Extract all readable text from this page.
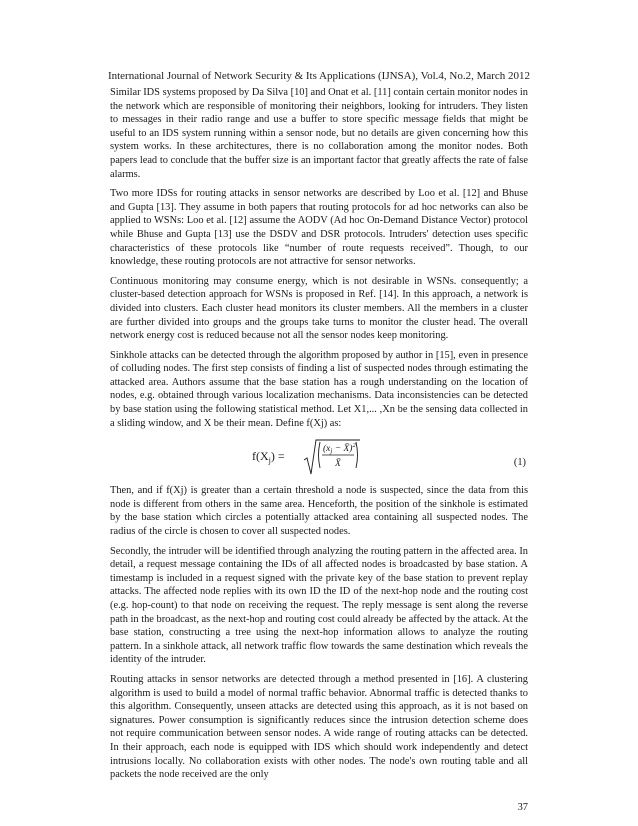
International Journal of Network Security & Its Applications (IJNSA), Vol.4, No.2, March 2012

Similar IDS systems proposed by Da Silva [10] and Onat et al. [11] contain certain monitor nodes in the network which are responsible of monitoring their neighbors, looking for intruders. They listen to messages in their radio range and use a buffer to store specific message fields that might be useful to an IDS system running within a sensor node, but no details are given concerning how this system works. In these architectures, there is no collaboration among the monitor nodes. Both papers lead to conclude that the buffer size is an important factor that greatly affects the rate of false alarms.

Two more IDSs for routing attacks in sensor networks are described by Loo et al. [12] and Bhuse and Gupta [13]. They assume in both papers that routing protocols for ad hoc networks can also be applied to WSNs: Loo et al. [12] assume the AODV (Ad hoc On-Demand Distance Vector) protocol while Bhuse and Gupta [13] use the DSDV and DSR protocols. Intruders' detection uses specific characteristics of these protocols like “number of route requests received”. Though, to our knowledge, these routing protocols are not attractive for sensor networks.

Continuous monitoring may consume energy, which is not desirable in WSNs. consequently; a cluster-based detection approach for WSNs is proposed in Ref. [14]. In this approach, a network is divided into clusters. Each cluster head monitors its cluster members. All the members in a cluster are further divided into groups and the groups take turns to monitor the cluster head. The overall network energy cost is reduced because not all the sensor nodes keep monitoring.

Sinkhole attacks can be detected through the algorithm proposed by author in [15], even in presence of colluding nodes. The first step consists of finding a list of suspected nodes through estimating the attacked area. Authors assume that the base station has a rough understanding on the location of nodes, e.g. obtained through various localization mechanisms. Data inconsistencies can be detected by base station using the following statistical method. Let X1,... ,Xn be the sensing data collected in a sliding window, and X be their mean. Define f(Xj) as:

$f(X_j)$ =	($x_j$ − X̄)$^2$
X̄	(1)

Then, and if f(Xj) is greater than a certain threshold a node is suspected, since the data from this node is different from others in the same area. Henceforth, the position of the sinkhole is estimated by the base station which circles a potentially attacked area containing all suspected nodes. The radius of the circle is chosen to cover all suspected nodes.

Secondly, the intruder will be identified through analyzing the routing pattern in the affected area. In detail, a request message containing the IDs of all affected nodes is broadcasted by base station. A timestamp is included in a request signed with the private key of the base station to prevent replay attacks. The affected node replies with its own ID the ID of the next-hop node and the routing cost (e.g. hop-count) to that node on receiving the request. The reply message is sent along the reverse path in the broadcast, as the next-hop and routing cost could already be affected by the attack. At the base station, constructing a tree using the next-hop information allows to analyze the routing pattern. In a sinkhole attack, all network traffic flow towards the same destination which reveals the identity of the intruder.

Routing attacks in sensor networks are detected through a method presented in [16]. A clustering algorithm is used to build a model of normal traffic behavior. Abnormal traffic is detected thanks to this algorithm. Consequently, unseen attacks are detected using this approach, as it is not based on signatures. Power consumption is significantly reduces since the intrusion detection scheme does not require communication between sensor nodes. A wide range of routing attacks can be detected. In their approach, each node is equipped with IDS which should work independently and detect intrusions locally. No collaboration exists with other nodes. The node's own routing table and all packets the node received are the only

37
